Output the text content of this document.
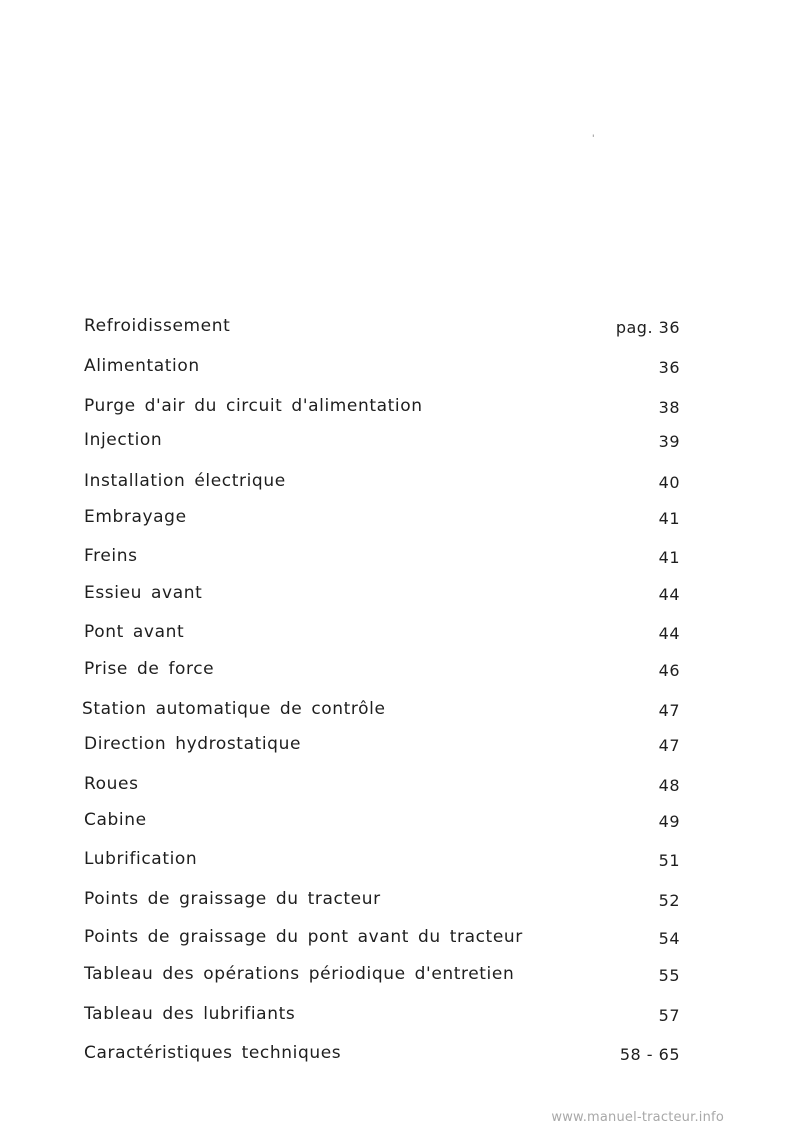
'
Refroidissement	pag. 36
Alimentation	36
Purge d'air du circuit d'alimentation	38
Injection	39
Installation électrique	40
Embrayage	41
Freins	41
Essieu avant	44
Pont avant	44
Prise de force	46
Station automatique de contrôle	47
Direction hydrostatique	47
Roues	48
Cabine	49
Lubrification	51
Points de graissage du tracteur	52
Points de graissage du pont avant du tracteur	54
Tableau des opérations périodique d'entretien	55
Tableau des lubrifiants	57
Caractéristiques techniques	58 - 65
www.manuel-tracteur.info
